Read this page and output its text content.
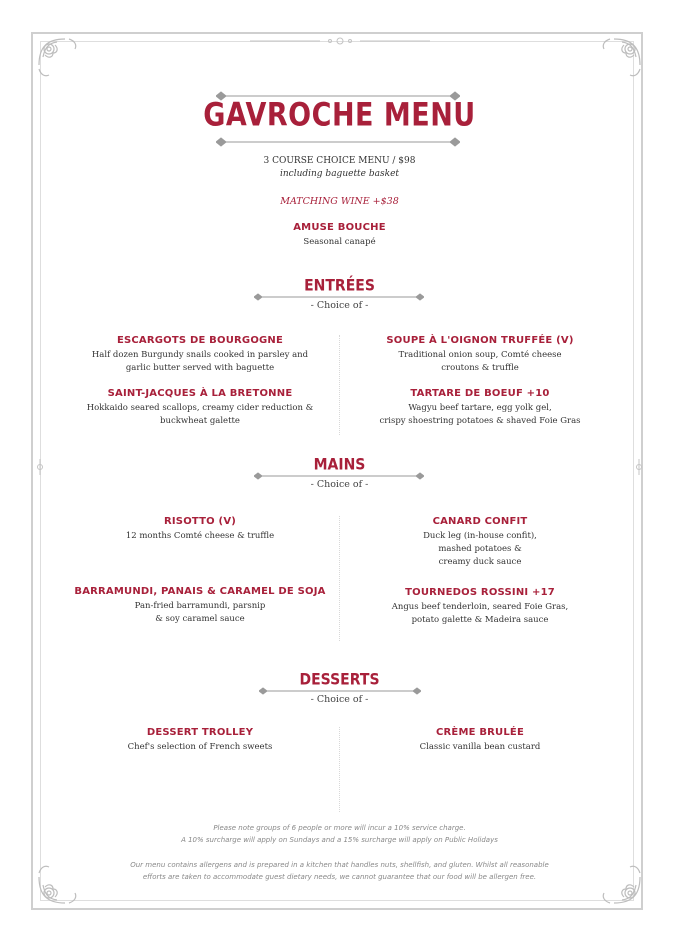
GAVROCHE MENU
3 COURSE CHOICE MENU / $98
including baguette basket
MATCHING WINE +$38
AMUSE BOUCHE
Seasonal canapé
ENTRÉES
- Choice of -
ESCARGOTS DE BOURGOGNE
Half dozen Burgundy snails cooked in parsley and
garlic butter served with baguette
SAINT-JACQUES À LA BRETONNE
Hokkaido seared scallops, creamy cider reduction &
buckwheat galette
SOUPE À L'OIGNON TRUFFÉE (V)
Traditional onion soup, Comté cheese
croutons & truffle
TARTARE DE BOEUF +10
Wagyu beef tartare, egg yolk gel,
crispy shoestring potatoes & shaved Foie Gras
MAINS
- Choice of -
RISOTTO (V)
12 months Comté cheese & truffle
BARRAMUNDI, PANAIS & CARAMEL DE SOJA
Pan-fried barramundi, parsnip
& soy caramel sauce
CANARD CONFIT
Duck leg (in-house confit),
mashed potatoes &
creamy duck sauce
TOURNEDOS ROSSINI +17
Angus beef tenderloin, seared Foie Gras,
potato galette & Madeira sauce
DESSERTS
- Choice of -
DESSERT TROLLEY
Chef's selection of French sweets
CRÈME BRULÉE
Classic vanilla bean custard
Please note groups of 6 people or more will incur a 10% service charge.
A 10% surcharge will apply on Sundays and a 15% surcharge will apply on Public Holidays
Our menu contains allergens and is prepared in a kitchen that handles nuts, shellfish, and gluten. Whilst all reasonable
efforts are taken to accommodate guest dietary needs, we cannot guarantee that our food will be allergen free.
